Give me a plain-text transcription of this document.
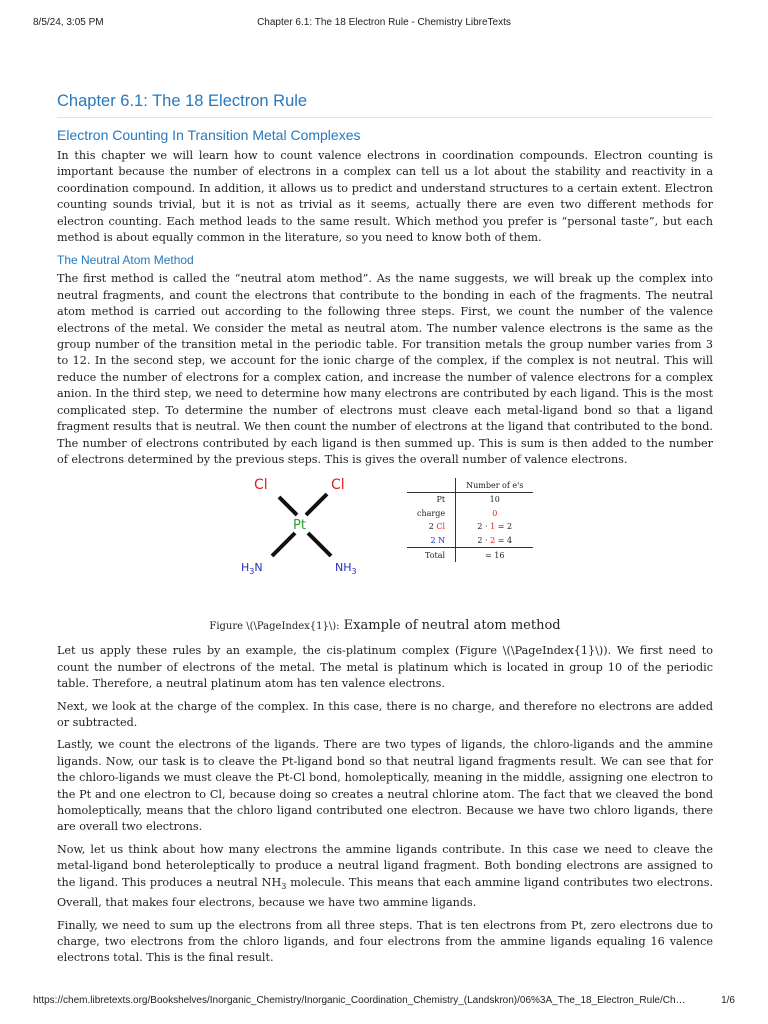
8/5/24, 3:05 PM	Chapter 6.1: The 18 Electron Rule - Chemistry LibreTexts
Chapter 6.1: The 18 Electron Rule
Electron Counting In Transition Metal Complexes

In this chapter we will learn how to count valence electrons in coordination compounds. Electron counting is important because the number of electrons in a complex can tell us a lot about the stability and reactivity in a coordination compound. In addition, it allows us to predict and understand structures to a certain extent. Electron counting sounds trivial, but it is not as trivial as it seems, actually there are even two different methods for electron counting. Each method leads to the same result. Which method you prefer is “personal taste”, but each method is about equally common in the literature, so you need to know both of them.

The Neutral Atom Method

The first method is called the “neutral atom method”. As the name suggests, we will break up the complex into neutral fragments, and count the electrons that contribute to the bonding in each of the fragments. The neutral atom method is carried out according to the following three steps. First, we count the number of the valence electrons of the metal. We consider the metal as neutral atom. The number valence electrons is the same as the group number of the transition metal in the periodic table. For transition metals the group number varies from 3 to 12. In the second step, we account for the ionic charge of the complex, if the complex is not neutral. This will reduce the number of electrons for a complex cation, and increase the number of valence electrons for a complex anion. In the third step, we need to determine how many electrons are contributed by each ligand. This is the most complicated step. To determine the number of electrons must cleave each metal-ligand bond so that a ligand fragment results that is neutral. We then count the number of electrons at the ligand that contributed to the bond. The number of electrons contributed by each ligand is then summed up. This is sum is then added to the number of electrons determined by the previous steps. This is gives the overall number of valence electrons.

Cl	Cl
Pt
$H_3N$	$NH_3$
	Number of e's
Pt	10
charge	0
2 Cl	2 · 1 = 2
2 N	2 · 2 = 4
Total	= 16
Figure \(\PageIndex{1}\): Example of neutral atom method

Let us apply these rules by an example, the cis-platinum complex (Figure \(\PageIndex{1}\)). We first need to count the number of electrons of the metal. The metal is platinum which is located in group 10 of the periodic table. Therefore, a neutral platinum atom has ten valence electrons.

Next, we look at the charge of the complex. In this case, there is no charge, and therefore no electrons are added or subtracted.

Lastly, we count the electrons of the ligands. There are two types of ligands, the chloro-ligands and the ammine ligands. Now, our task is to cleave the Pt-ligand bond so that neutral ligand fragments result. We can see that for the chloro-ligands we must cleave the Pt-Cl bond, homoleptically, meaning in the middle, assigning one electron to the Pt and one electron to Cl, because doing so creates a neutral chlorine atom. The fact that we cleaved the bond homoleptically, means that the chloro ligand contributed one electron. Because we have two chloro ligands, there are overall two electrons.

Now, let us think about how many electrons the ammine ligands contribute. In this case we need to cleave the metal-ligand bond heteroleptically to produce a neutral ligand fragment. Both bonding electrons are assigned to the ligand. This produces a neutral $NH_3$ molecule. This means that each ammine ligand contributes two electrons. Overall, that makes four electrons, because we have two ammine ligands.

Finally, we need to sum up the electrons from all three steps. That is ten electrons from Pt, zero electrons due to charge, two electrons from the chloro ligands, and four electrons from the ammine ligands equaling 16 valence electrons total. This is the final result.

https://chem.libretexts.org/Bookshelves/Inorganic_Chemistry/Inorganic_Coordination_Chemistry_(Landskron)/06%3A_The_18_Electron_Rule/Ch…	1/6
